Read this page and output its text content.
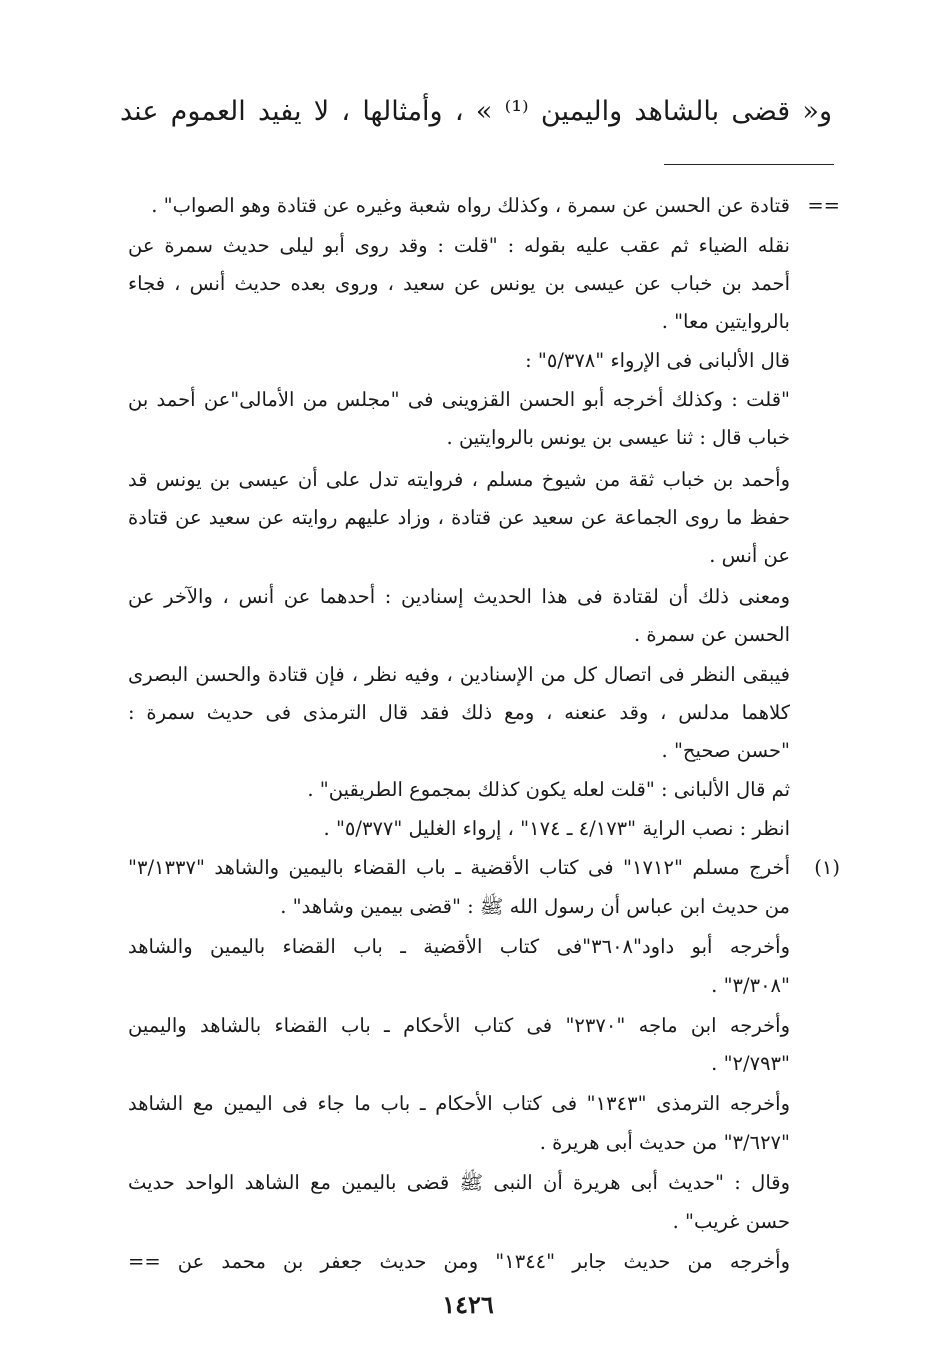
و« قضى بالشاهد واليمين ⁽¹⁾ » ، وأمثالها ، لا يفيد العموم عند
==
قتادة عن الحسن عن سمرة ، وكذلك رواه شعبة وغيره عن قتادة وهو الصواب" .
نقله الضياء ثم عقب عليه بقوله : "قلت : وقد روى أبو ليلى حديث سمرة عن
أحمد بن خباب عن عيسى بن يونس عن سعيد ، وروى بعده حديث أنس ، فجاء
بالروايتين معا" .
قال الألبانى فى الإرواء "٥/٣٧٨" :
"قلت : وكذلك أخرجه أبو الحسن القزوينى فى "مجلس من الأمالى"عن أحمد بن
خباب قال : ثنا عيسى بن يونس بالروايتين .
وأحمد بن خباب ثقة من شيوخ مسلم ، فروايته تدل على أن عيسى بن يونس قد
حفظ ما روى الجماعة عن سعيد عن قتادة ، وزاد عليهم روايته عن سعيد عن قتادة
عن أنس .
ومعنى ذلك أن لقتادة فى هذا الحديث إسنادين : أحدهما عن أنس ، والآخر عن
الحسن عن سمرة .
فيبقى النظر فى اتصال كل من الإسنادين ، وفيه نظر ، فإن قتادة والحسن البصرى
كلاهما مدلس ، وقد عنعنه ، ومع ذلك فقد قال الترمذى فى حديث سمرة :
"حسن صحيح" .
ثم قال الألبانى : "قلت لعله يكون كذلك بمجموع الطريقين" .
انظر : نصب الراية "٤/١٧٣ ـ ١٧٤" ، إرواء الغليل "٥/٣٧٧" .
(١)
أخرج مسلم "١٧١٢" فى كتاب الأقضية ـ باب القضاء باليمين والشاهد "٣/١٣٣٧"
من حديث ابن عباس أن رسول الله ﷺ : "قضى بيمين وشاهد" .
وأخرجه أبو داود"٣٦٠٨"فى كتاب الأقضية ـ باب القضاء باليمين والشاهد
"٣/٣٠٨" .
وأخرجه ابن ماجه "٢٣٧٠" فى كتاب الأحكام ـ باب القضاء بالشاهد واليمين
"٢/٧٩٣" .
وأخرجه الترمذى "١٣٤٣" فى كتاب الأحكام ـ باب ما جاء فى اليمين مع الشاهد
"٣/٦٢٧" من حديث أبى هريرة .
وقال : "حديث أبى هريرة أن النبى ﷺ قضى باليمين مع الشاهد الواحد حديث
حسن غريب" .
وأخرجه من حديث جابر "١٣٤٤" ومن حديث جعفر بن محمد عن ==
١٤٢٦
